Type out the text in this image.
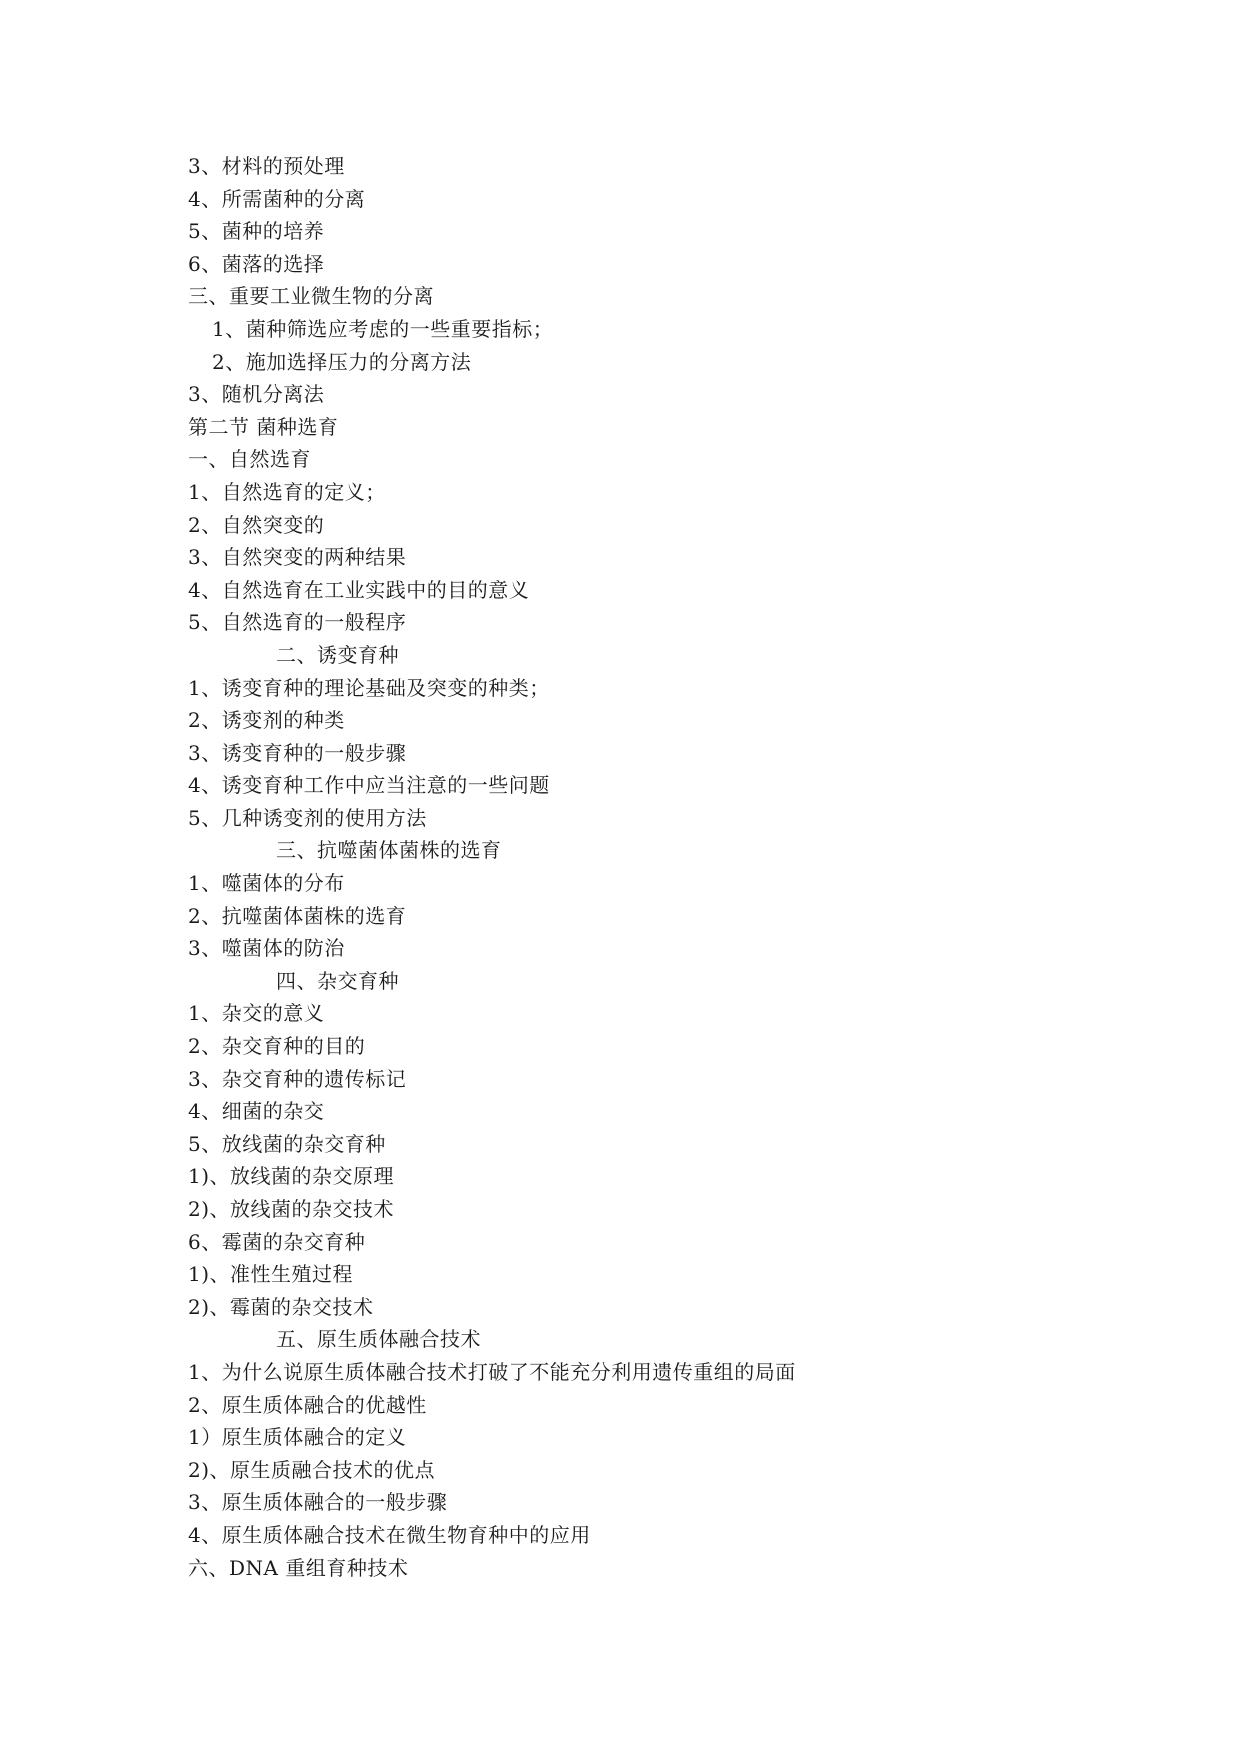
3、材料的预处理
4、所需菌种的分离
5、菌种的培养
6、菌落的选择
三、重要工业微生物的分离
1、菌种筛选应考虑的一些重要指标；
2、施加选择压力的分离方法
3、随机分离法
第二节 菌种选育
一、自然选育
1、自然选育的定义；
2、自然突变的
3、自然突变的两种结果
4、自然选育在工业实践中的目的意义
5、自然选育的一般程序
二、诱变育种
1、诱变育种的理论基础及突变的种类；
2、诱变剂的种类
3、诱变育种的一般步骤
4、诱变育种工作中应当注意的一些问题
5、几种诱变剂的使用方法
三、抗噬菌体菌株的选育
1、噬菌体的分布
2、抗噬菌体菌株的选育
3、噬菌体的防治
四、杂交育种
1、杂交的意义
2、杂交育种的目的
3、杂交育种的遗传标记
4、细菌的杂交
5、放线菌的杂交育种
1)、放线菌的杂交原理
2)、放线菌的杂交技术
6、霉菌的杂交育种
1)、准性生殖过程
2)、霉菌的杂交技术
五、原生质体融合技术
1、为什么说原生质体融合技术打破了不能充分利用遗传重组的局面
2、原生质体融合的优越性
1）原生质体融合的定义
2)、原生质融合技术的优点
3、原生质体融合的一般步骤
4、原生质体融合技术在微生物育种中的应用
六、DNA 重组育种技术
